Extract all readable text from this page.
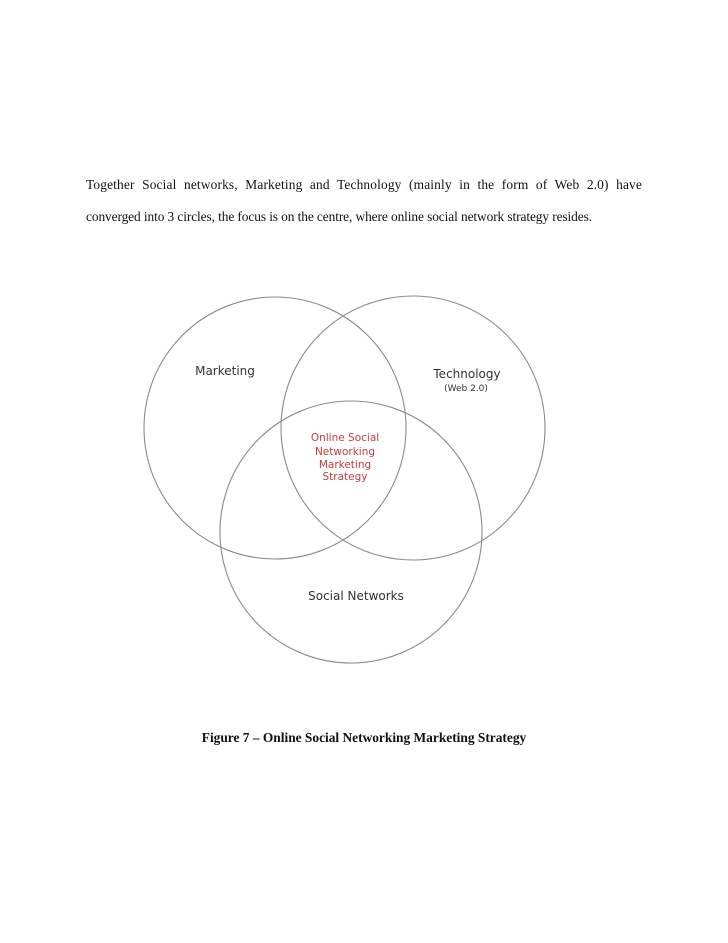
Together Social networks, Marketing and Technology (mainly in the form of Web 2.0) have

converged into 3 circles, the focus is on the centre, where online social network strategy resides.

Marketing	Technology
(Web 2.0)
Social Networks
Online Social
Networking
Marketing
Strategy

Figure 7 – Online Social Networking Marketing Strategy
